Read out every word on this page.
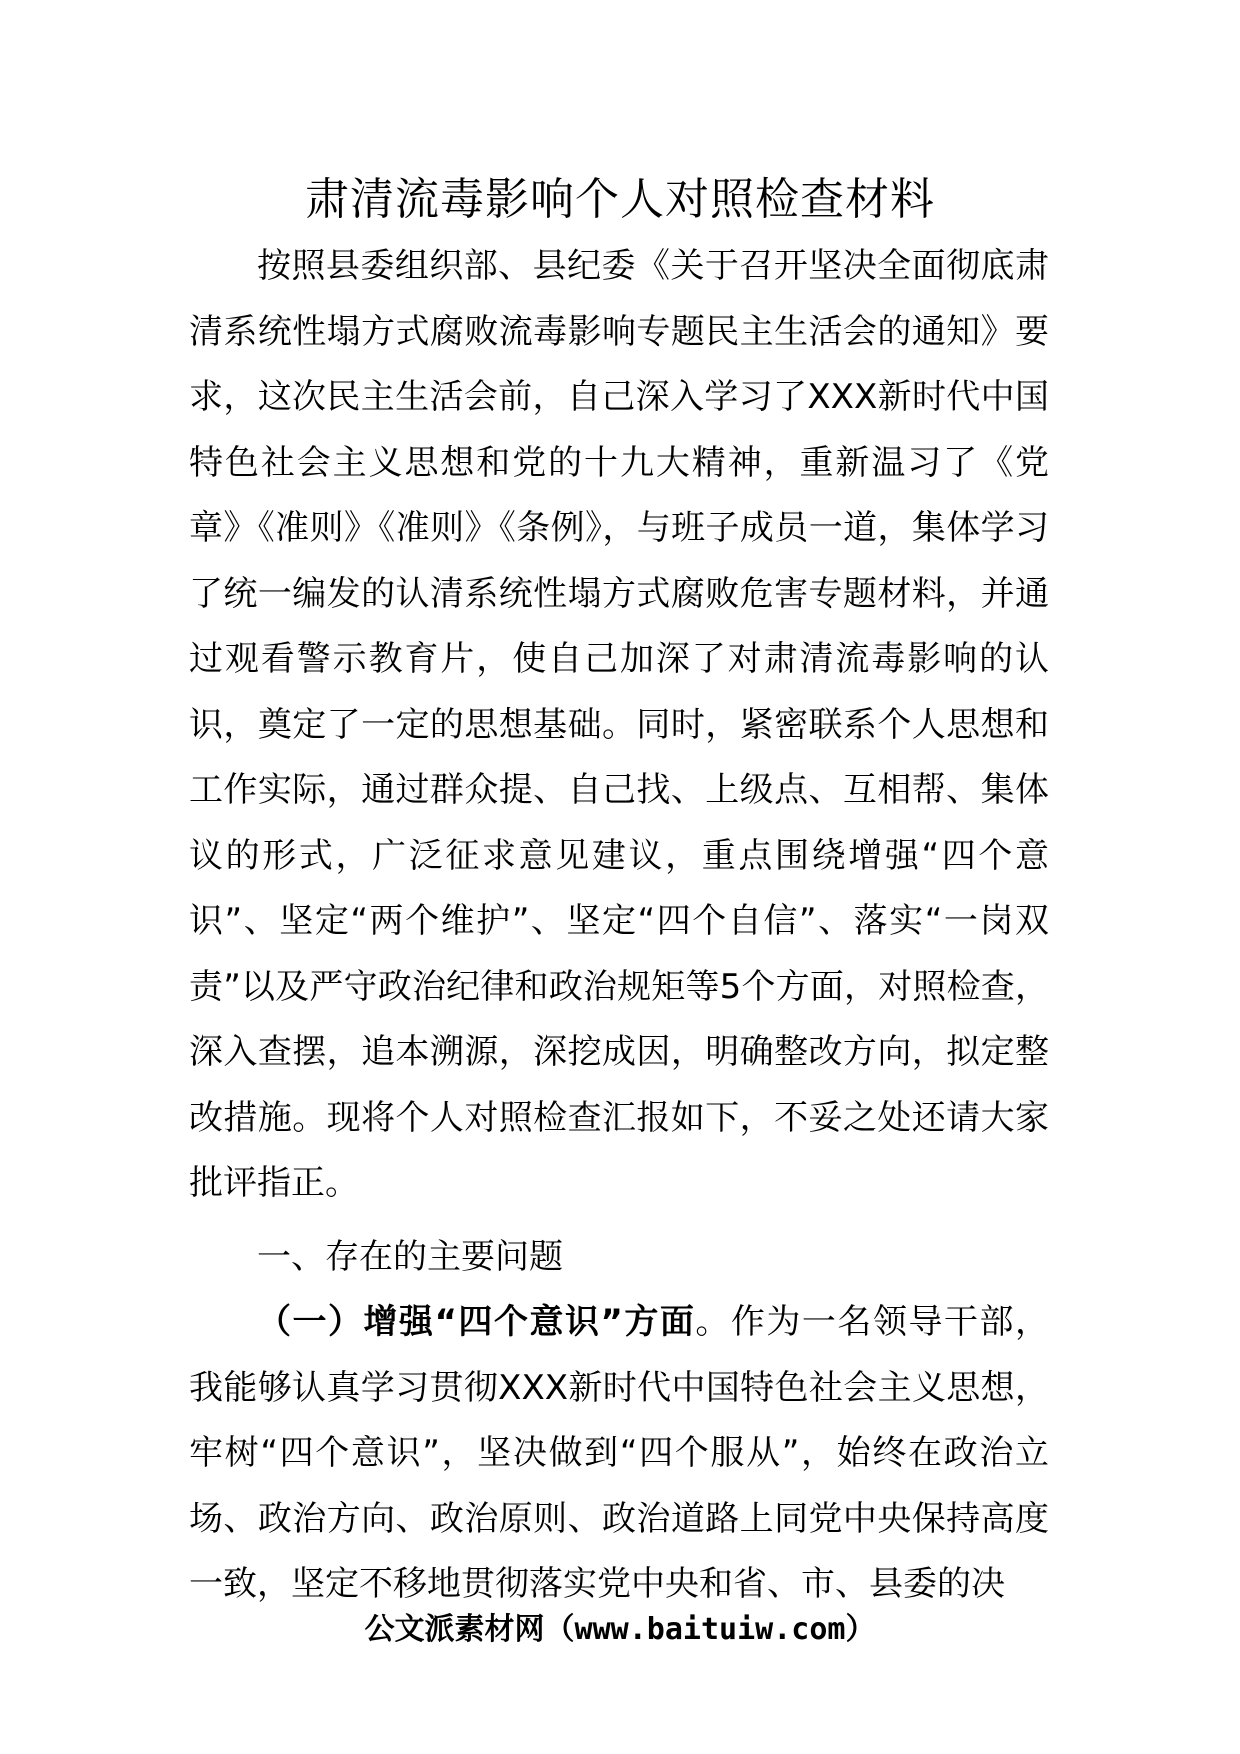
肃清流毒影响个人对照检查材料

按照县委组织部、县纪委《关于召开坚决全面彻底肃清系统性塌方式腐败流毒影响专题民主生活会的通知》要求，这次民主生活会前，自己深入学习了XXX新时代中国特色社会主义思想和党的十九大精神，重新温习了《党章》《准则》《准则》《条例》，与班子成员一道，集体学习了统一编发的认清系统性塌方式腐败危害专题材料，并通过观看警示教育片，使自己加深了对肃清流毒影响的认识，奠定了一定的思想基础。同时，紧密联系个人思想和工作实际，通过群众提、自己找、上级点、互相帮、集体议的形式，广泛征求意见建议，重点围绕增强“四个意识”、坚定“两个维护”、坚定“四个自信”、落实“一岗双责”以及严守政治纪律和政治规矩等5个方面，对照检查，深入查摆，追本溯源，深挖成因，明确整改方向，拟定整改措施。现将个人对照检查汇报如下，不妥之处还请大家批评指正。

一、存在的主要问题

（一）增强“四个意识”方面。作为一名领导干部，我能够认真学习贯彻XXX新时代中国特色社会主义思想，牢树“四个意识”，坚决做到“四个服从”，始终在政治立场、政治方向、政治原则、政治道路上同党中央保持高度一致，坚定不移地贯彻落实党中央和省、市、县委的决

公文派素材网（www.baituiw.com）
